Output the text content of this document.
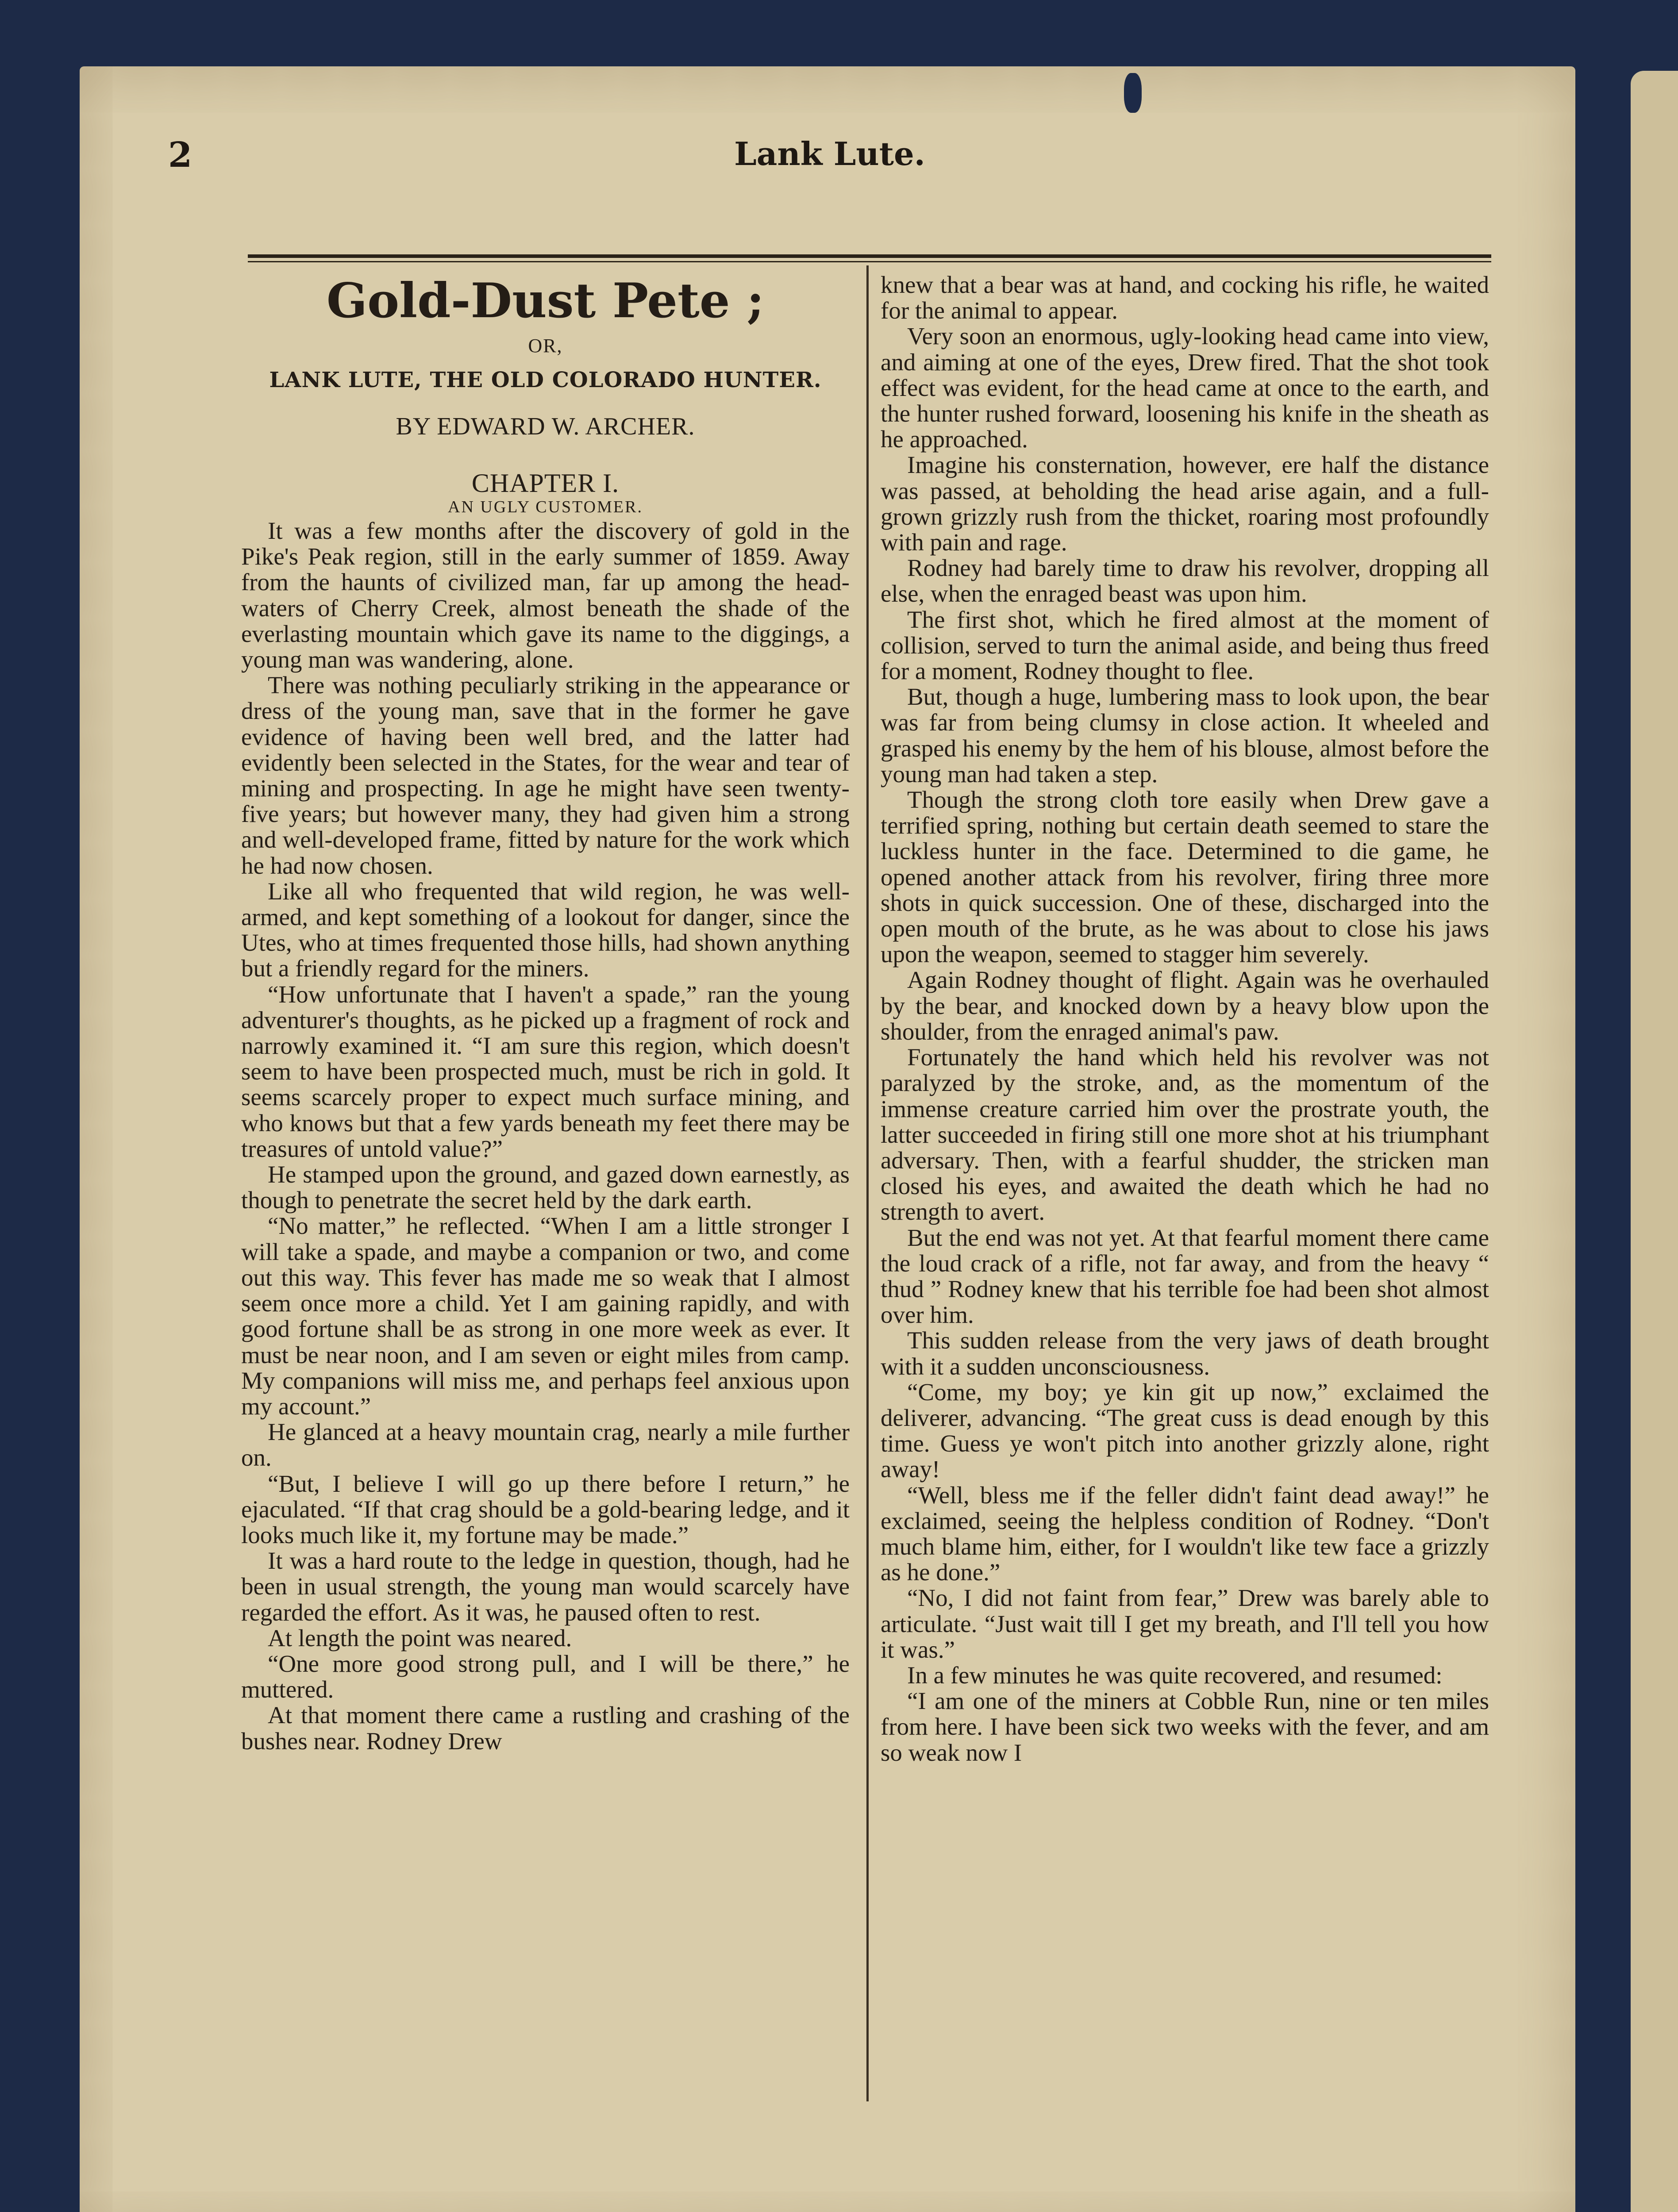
2	Lank Lute.
Gold-Dust Pete ;
OR,
LANK LUTE, THE OLD COLORADO HUNTER.
BY EDWARD W. ARCHER.
CHAPTER I.
AN UGLY CUSTOMER.

It was a few months after the discovery of gold in the Pike's Peak region, still in the early summer of 1859. Away from the haunts of civilized man, far up among the head-waters of Cherry Creek, almost beneath the shade of the everlasting mountain which gave its name to the diggings, a young man was wandering, alone.

There was nothing peculiarly striking in the appearance or dress of the young man, save that in the former he gave evidence of having been well bred, and the latter had evidently been selected in the States, for the wear and tear of mining and prospecting. In age he might have seen twenty-five years; but however many, they had given him a strong and well-developed frame, fitted by nature for the work which he had now chosen.

Like all who frequented that wild region, he was well-armed, and kept something of a lookout for danger, since the Utes, who at times frequented those hills, had shown anything but a friendly regard for the miners.

“How unfortunate that I haven't a spade,” ran the young adventurer's thoughts, as he picked up a fragment of rock and narrowly examined it. “I am sure this region, which doesn't seem to have been prospected much, must be rich in gold. It seems scarcely proper to expect much surface mining, and who knows but that a few yards beneath my feet there may be treasures of untold value?”

He stamped upon the ground, and gazed down earnestly, as though to penetrate the secret held by the dark earth.

“No matter,” he reflected. “When I am a little stronger I will take a spade, and maybe a companion or two, and come out this way. This fever has made me so weak that I almost seem once more a child. Yet I am gaining rapidly, and with good fortune shall be as strong in one more week as ever. It must be near noon, and I am seven or eight miles from camp. My companions will miss me, and perhaps feel anxious upon my account.”

He glanced at a heavy mountain crag, nearly a mile further on.

“But, I believe I will go up there before I return,” he ejaculated. “If that crag should be a gold-bearing ledge, and it looks much like it, my fortune may be made.”

It was a hard route to the ledge in question, though, had he been in usual strength, the young man would scarcely have regarded the effort. As it was, he paused often to rest.

At length the point was neared.

“One more good strong pull, and I will be there,” he muttered.

At that moment there came a rustling and crashing of the bushes near. Rodney Drew

knew that a bear was at hand, and cocking his rifle, he waited for the animal to appear.

Very soon an enormous, ugly-looking head came into view, and aiming at one of the eyes, Drew fired. That the shot took effect was evident, for the head came at once to the earth, and the hunter rushed forward, loosening his knife in the sheath as he approached.

Imagine his consternation, however, ere half the distance was passed, at beholding the head arise again, and a full-grown grizzly rush from the thicket, roaring most profoundly with pain and rage.

Rodney had barely time to draw his revolver, dropping all else, when the enraged beast was upon him.

The first shot, which he fired almost at the moment of collision, served to turn the animal aside, and being thus freed for a moment, Rodney thought to flee.

But, though a huge, lumbering mass to look upon, the bear was far from being clumsy in close action. It wheeled and grasped his enemy by the hem of his blouse, almost before the young man had taken a step.

Though the strong cloth tore easily when Drew gave a terrified spring, nothing but certain death seemed to stare the luckless hunter in the face. Determined to die game, he opened another attack from his revolver, firing three more shots in quick succession. One of these, discharged into the open mouth of the brute, as he was about to close his jaws upon the weapon, seemed to stagger him severely.

Again Rodney thought of flight. Again was he overhauled by the bear, and knocked down by a heavy blow upon the shoulder, from the enraged animal's paw.

Fortunately the hand which held his revolver was not paralyzed by the stroke, and, as the momentum of the immense creature carried him over the prostrate youth, the latter succeeded in firing still one more shot at his triumphant adversary. Then, with a fearful shudder, the stricken man closed his eyes, and awaited the death which he had no strength to avert.

But the end was not yet. At that fearful moment there came the loud crack of a rifle, not far away, and from the heavy “ thud ” Rodney knew that his terrible foe had been shot almost over him.

This sudden release from the very jaws of death brought with it a sudden unconsciousness.

“Come, my boy; ye kin git up now,” exclaimed the deliverer, advancing. “The great cuss is dead enough by this time. Guess ye won't pitch into another grizzly alone, right away!

“Well, bless me if the feller didn't faint dead away!” he exclaimed, seeing the helpless condition of Rodney. “Don't much blame him, either, for I wouldn't like tew face a grizzly as he done.”

“No, I did not faint from fear,” Drew was barely able to articulate. “Just wait till I get my breath, and I'll tell you how it was.”

In a few minutes he was quite recovered, and resumed:

“I am one of the miners at Cobble Run, nine or ten miles from here. I have been sick two weeks with the fever, and am so weak now I
